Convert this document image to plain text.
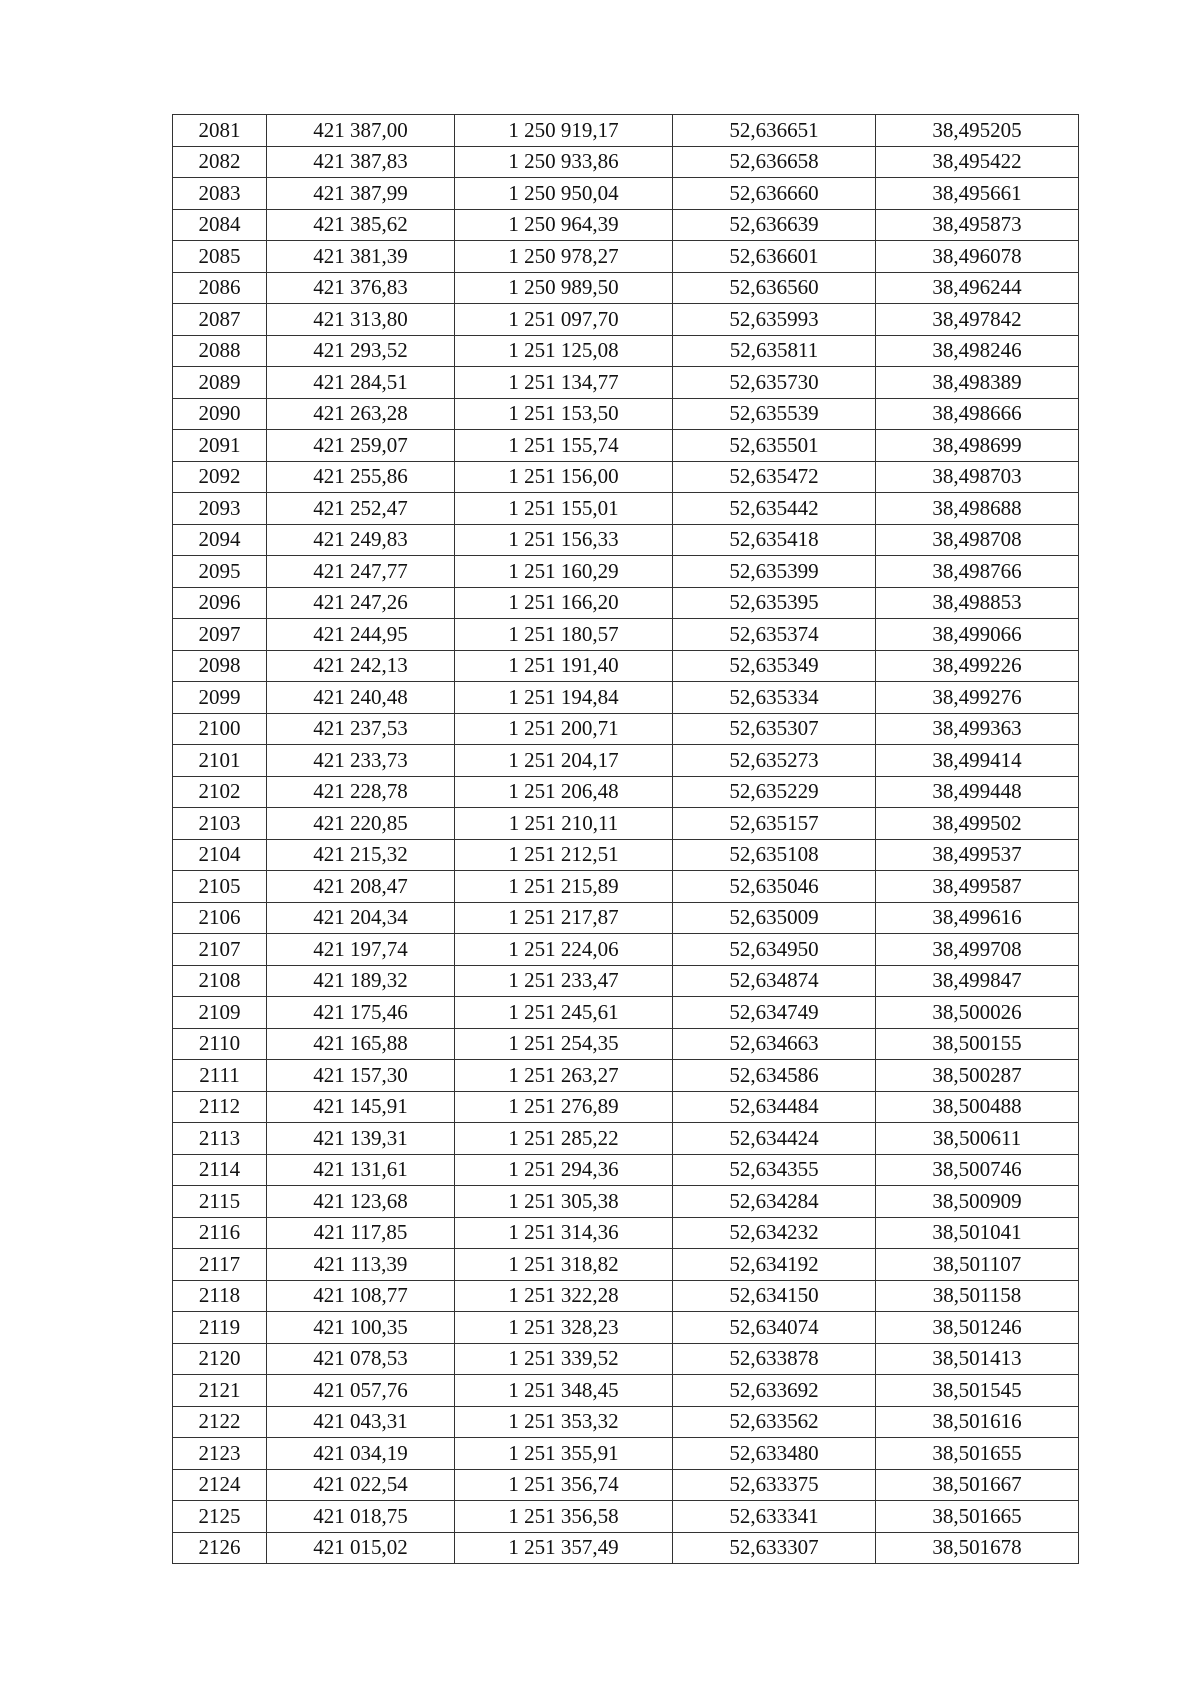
2081	421 387,00	1 250 919,17	52,636651	38,495205
2082	421 387,83	1 250 933,86	52,636658	38,495422
2083	421 387,99	1 250 950,04	52,636660	38,495661
2084	421 385,62	1 250 964,39	52,636639	38,495873
2085	421 381,39	1 250 978,27	52,636601	38,496078
2086	421 376,83	1 250 989,50	52,636560	38,496244
2087	421 313,80	1 251 097,70	52,635993	38,497842
2088	421 293,52	1 251 125,08	52,635811	38,498246
2089	421 284,51	1 251 134,77	52,635730	38,498389
2090	421 263,28	1 251 153,50	52,635539	38,498666
2091	421 259,07	1 251 155,74	52,635501	38,498699
2092	421 255,86	1 251 156,00	52,635472	38,498703
2093	421 252,47	1 251 155,01	52,635442	38,498688
2094	421 249,83	1 251 156,33	52,635418	38,498708
2095	421 247,77	1 251 160,29	52,635399	38,498766
2096	421 247,26	1 251 166,20	52,635395	38,498853
2097	421 244,95	1 251 180,57	52,635374	38,499066
2098	421 242,13	1 251 191,40	52,635349	38,499226
2099	421 240,48	1 251 194,84	52,635334	38,499276
2100	421 237,53	1 251 200,71	52,635307	38,499363
2101	421 233,73	1 251 204,17	52,635273	38,499414
2102	421 228,78	1 251 206,48	52,635229	38,499448
2103	421 220,85	1 251 210,11	52,635157	38,499502
2104	421 215,32	1 251 212,51	52,635108	38,499537
2105	421 208,47	1 251 215,89	52,635046	38,499587
2106	421 204,34	1 251 217,87	52,635009	38,499616
2107	421 197,74	1 251 224,06	52,634950	38,499708
2108	421 189,32	1 251 233,47	52,634874	38,499847
2109	421 175,46	1 251 245,61	52,634749	38,500026
2110	421 165,88	1 251 254,35	52,634663	38,500155
2111	421 157,30	1 251 263,27	52,634586	38,500287
2112	421 145,91	1 251 276,89	52,634484	38,500488
2113	421 139,31	1 251 285,22	52,634424	38,500611
2114	421 131,61	1 251 294,36	52,634355	38,500746
2115	421 123,68	1 251 305,38	52,634284	38,500909
2116	421 117,85	1 251 314,36	52,634232	38,501041
2117	421 113,39	1 251 318,82	52,634192	38,501107
2118	421 108,77	1 251 322,28	52,634150	38,501158
2119	421 100,35	1 251 328,23	52,634074	38,501246
2120	421 078,53	1 251 339,52	52,633878	38,501413
2121	421 057,76	1 251 348,45	52,633692	38,501545
2122	421 043,31	1 251 353,32	52,633562	38,501616
2123	421 034,19	1 251 355,91	52,633480	38,501655
2124	421 022,54	1 251 356,74	52,633375	38,501667
2125	421 018,75	1 251 356,58	52,633341	38,501665
2126	421 015,02	1 251 357,49	52,633307	38,501678
